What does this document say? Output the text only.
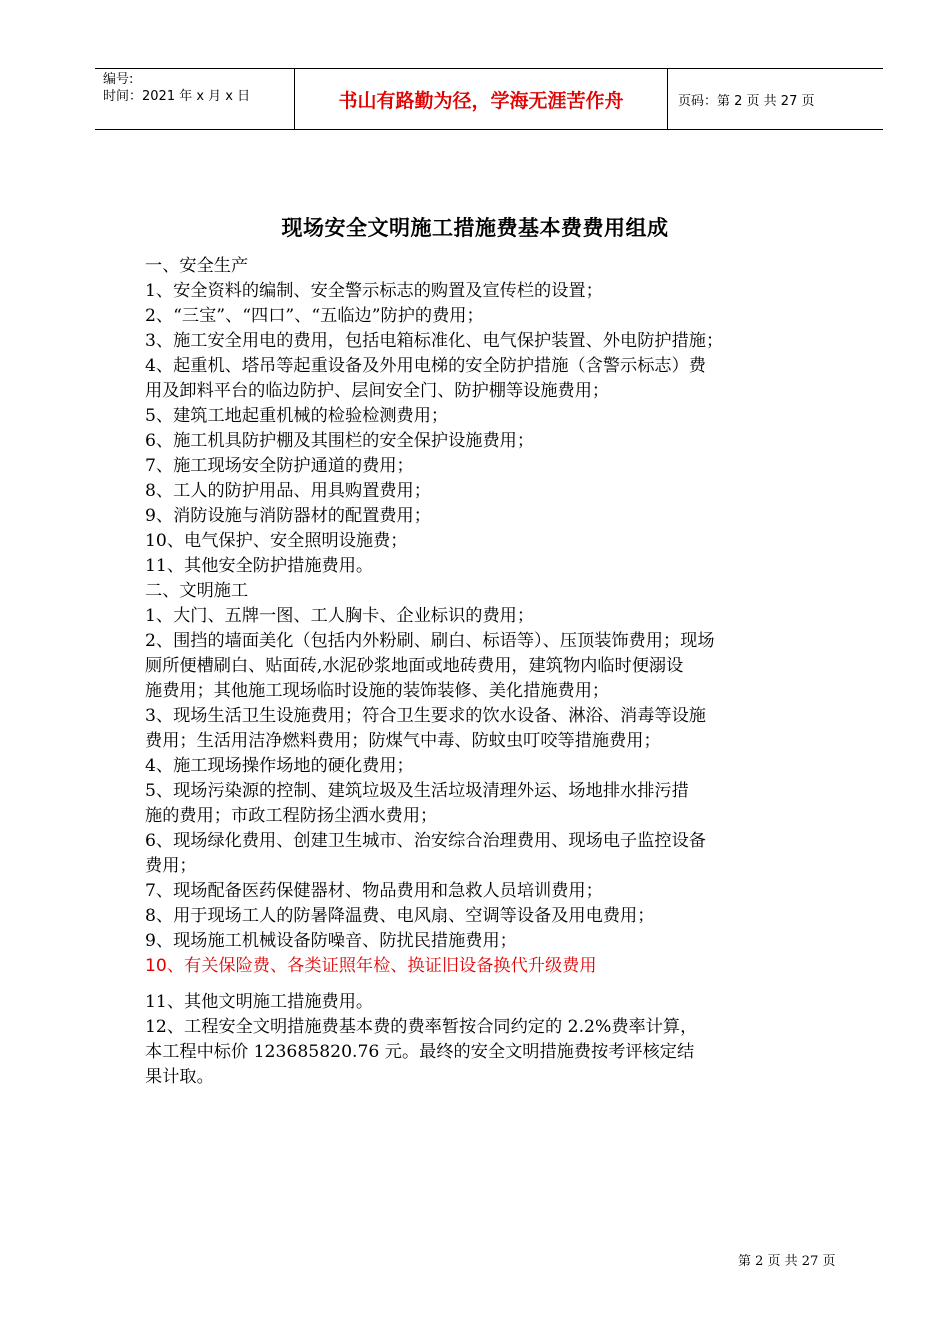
编号:
时间：2021 年 x 月 x 日	书山有路勤为径，学海无涯苦作舟	页码：第 2 页 共 27 页
现场安全文明施工措施费基本费费用组成
一、安全生产
1、安全资料的编制、安全警示标志的购置及宣传栏的设置；
2、“三宝”、“四口”、“五临边”防护的费用；
3、施工安全用电的费用，包括电箱标准化、电气保护装置、外电防护措施；
4、起重机、塔吊等起重设备及外用电梯的安全防护措施（含警示标志）费
用及卸料平台的临边防护、层间安全门、防护棚等设施费用；
5、建筑工地起重机械的检验检测费用；
6、施工机具防护棚及其围栏的安全保护设施费用；
7、施工现场安全防护通道的费用；
8、工人的防护用品、用具购置费用；
9、消防设施与消防器材的配置费用；
10、电气保护、安全照明设施费；
11、其他安全防护措施费用。
二、文明施工
1、大门、五牌一图、工人胸卡、企业标识的费用；
2、围挡的墙面美化（包括内外粉刷、刷白、标语等）、压顶装饰费用；现场
厕所便槽刷白、贴面砖,水泥砂浆地面或地砖费用，建筑物内临时便溺设
施费用；其他施工现场临时设施的装饰装修、美化措施费用；
3、现场生活卫生设施费用；符合卫生要求的饮水设备、淋浴、消毒等设施
费用；生活用洁净燃料费用；防煤气中毒、防蚊虫叮咬等措施费用；
4、施工现场操作场地的硬化费用；
5、现场污染源的控制、建筑垃圾及生活垃圾清理外运、场地排水排污措
施的费用；市政工程防扬尘洒水费用；
6、现场绿化费用、创建卫生城市、治安综合治理费用、现场电子监控设备
费用；
7、现场配备医药保健器材、物品费用和急救人员培训费用；
8、用于现场工人的防暑降温费、电风扇、空调等设备及用电费用；
9、现场施工机械设备防噪音、防扰民措施费用；
10、有关保险费、各类证照年检、换证旧设备换代升级费用
11、其他文明施工措施费用。
12、工程安全文明措施费基本费的费率暂按合同约定的 2.2%费率计算，
本工程中标价 123685820.76 元。最终的安全文明措施费按考评核定结
果计取。
第 2 页 共 27 页
